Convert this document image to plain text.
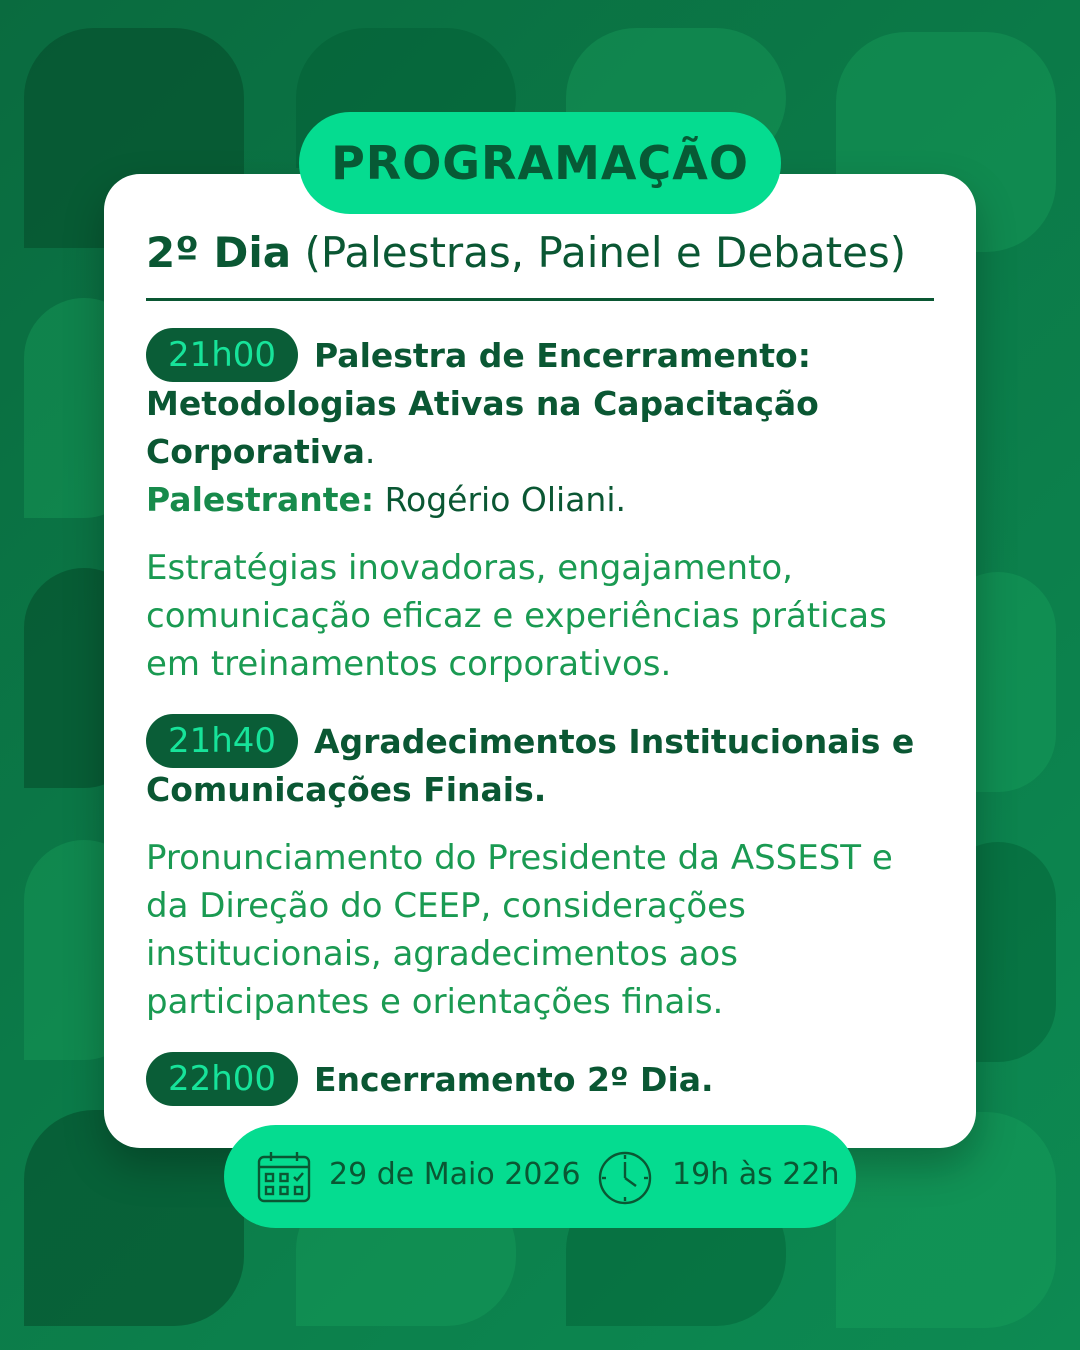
PROGRAMAÇÃO
2º Dia (Palestras, Painel e Debates)
21h00	Palestra de Encerramento: Metodologias Ativas na Capacitação Corporativa.
Palestrante: Rogério Oliani.
Estratégias inovadoras, engajamento, comunicação eficaz e experiências práticas em treinamentos corporativos.
21h40	Agradecimentos Institucionais e Comunicações Finais.
Pronunciamento do Presidente da ASSEST e da Direção do CEEP, considerações institucionais, agradecimentos aos participantes e orientações finais.
22h00	Encerramento 2º Dia.
29 de Maio 2026	19h às 22h
